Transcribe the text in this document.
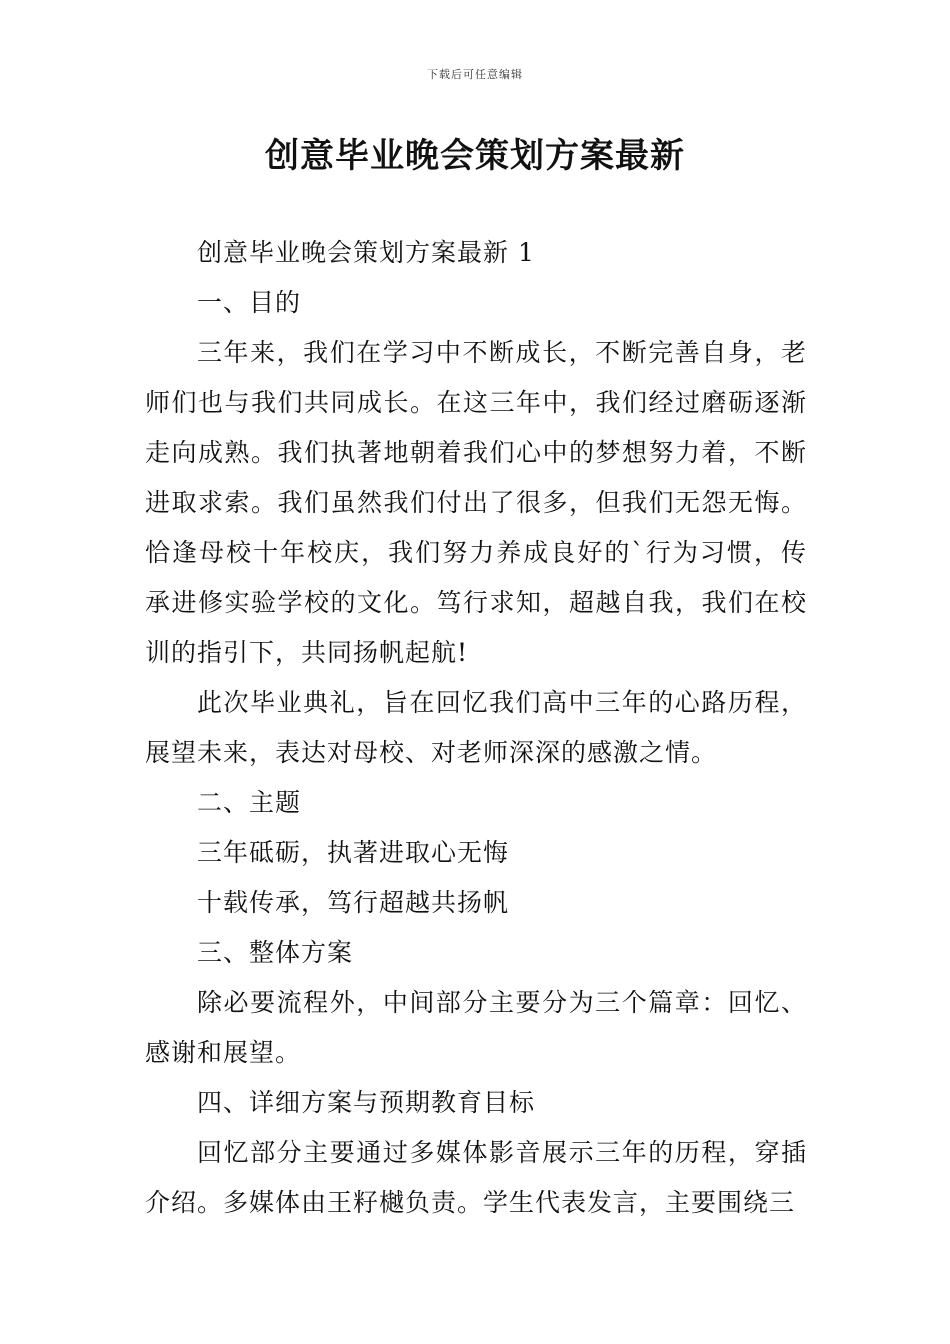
下载后可任意编辑
创意毕业晚会策划方案最新

创意毕业晚会策划方案最新 1

一、目的

三年来，我们在学习中不断成长，不断完善自身，老师们也与我们共同成长。在这三年中，我们经过磨砺逐渐走向成熟。我们执著地朝着我们心中的梦想努力着，不断进取求索。我们虽然我们付出了很多，但我们无怨无悔。恰逢母校十年校庆，我们努力养成良好的`行为习惯，传承进修实验学校的文化。笃行求知，超越自我，我们在校训的指引下，共同扬帆起航!

此次毕业典礼，旨在回忆我们高中三年的心路历程，展望未来，表达对母校、对老师深深的感激之情。

二、主题

三年砥砺，执著进取心无悔

十载传承，笃行超越共扬帆

三、整体方案

除必要流程外，中间部分主要分为三个篇章：回忆、感谢和展望。

四、详细方案与预期教育目标

回忆部分主要通过多媒体影音展示三年的历程，穿插介绍。多媒体由王籽樾负责。学生代表发言，主要围绕三
